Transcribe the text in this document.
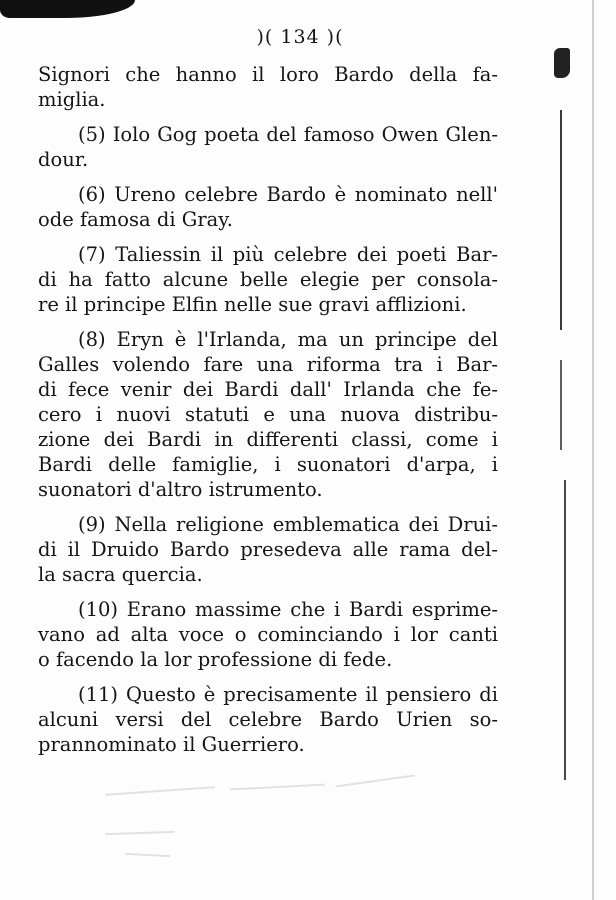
)( 134 )(
Signori che hanno il loro Bardo della fa-
miglia.
(5) Iolo Gog poeta del famoso Owen Glen-
dour.
(6) Ureno celebre Bardo è nominato nell'
ode famosa di Gray.
(7) Taliessin il più celebre dei poeti Bar-
di ha fatto alcune belle elegie per consola-
re il principe Elfin nelle sue gravi afflizioni.
(8) Eryn è l'Irlanda, ma un principe del
Galles volendo fare una riforma tra i Bar-
di fece venir dei Bardi dall' Irlanda che fe-
cero i nuovi statuti e una nuova distribu-
zione dei Bardi in differenti classi, come i
Bardi delle famiglie, i suonatori d'arpa, i
suonatori d'altro istrumento.
(9) Nella religione emblematica dei Drui-
di il Druido Bardo presedeva alle rama del-
la sacra quercia.
(10) Erano massime che i Bardi esprime-
vano ad alta voce o cominciando i lor canti
o facendo la lor professione di fede.
(11) Questo è precisamente il pensiero di
alcuni versi del celebre Bardo Urien so-
prannominato il Guerriero.
